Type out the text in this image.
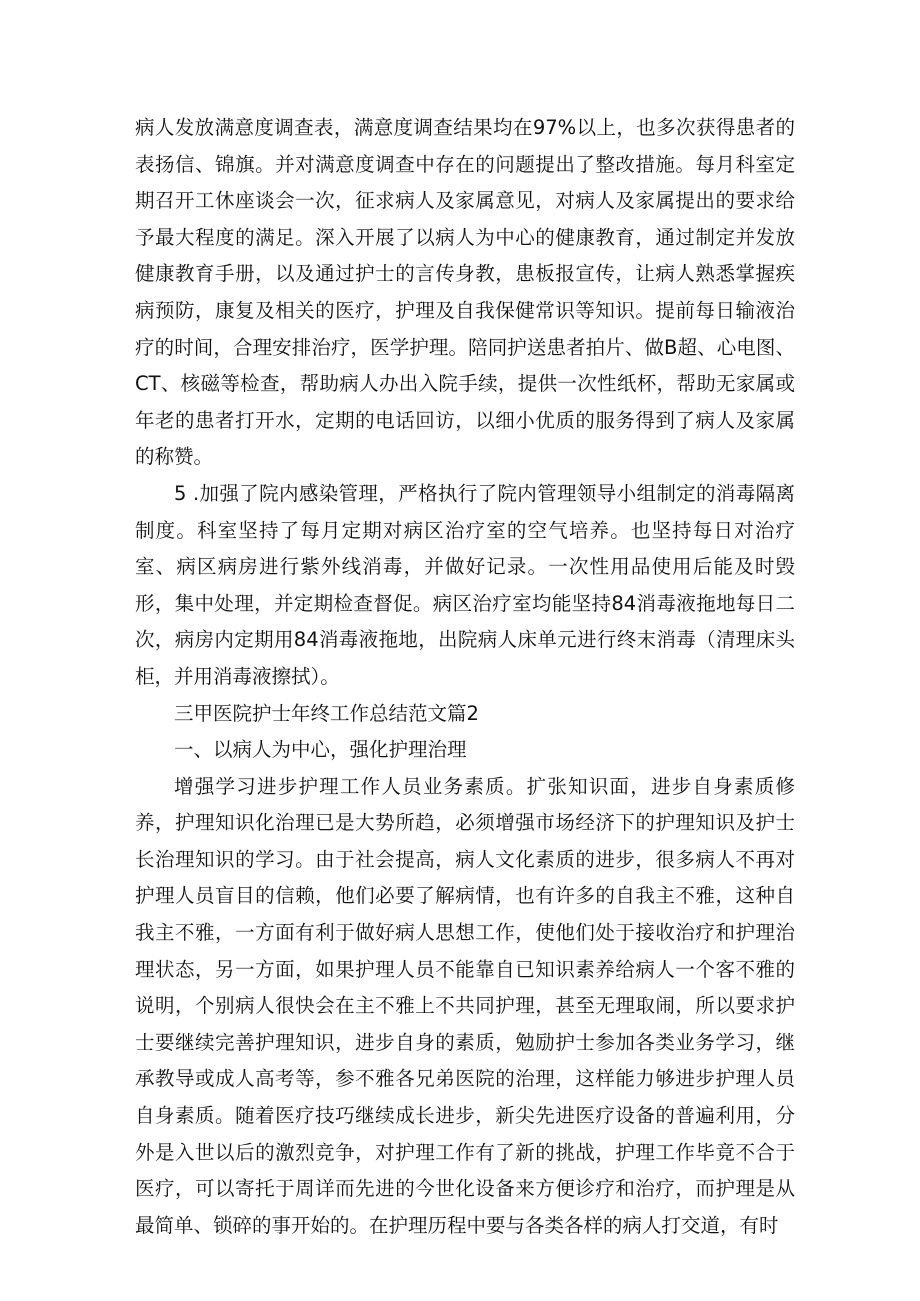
病人发放满意度调查表，满意度调查结果均在97%以上，也多次获得患者的表扬信、锦旗。并对满意度调查中存在的问题提出了整改措施。每月科室定期召开工休座谈会一次，征求病人及家属意见，对病人及家属提出的要求给予最大程度的满足。深入开展了以病人为中心的健康教育，通过制定并发放健康教育手册，以及通过护士的言传身教，患板报宣传，让病人熟悉掌握疾病预防，康复及相关的医疗，护理及自我保健常识等知识。提前每日输液治疗的时间，合理安排治疗，医学护理。陪同护送患者拍片、做B超、心电图、CT、核磁等检查，帮助病人办出入院手续，提供一次性纸杯，帮助无家属或年老的患者打开水，定期的电话回访，以细小优质的服务得到了病人及家属的称赞。

5 .加强了院内感染管理，严格执行了院内管理领导小组制定的消毒隔离制度。科室坚持了每月定期对病区治疗室的空气培养。也坚持每日对治疗室、病区病房进行紫外线消毒，并做好记录。一次性用品使用后能及时毁形，集中处理，并定期检查督促。病区治疗室均能坚持84消毒液拖地每日二次，病房内定期用84消毒液拖地，出院病人床单元进行终末消毒（清理床头柜，并用消毒液擦拭）。

三甲医院护士年终工作总结范文篇2

一、以病人为中心，强化护理治理

增强学习进步护理工作人员业务素质。扩张知识面，进步自身素质修养，护理知识化治理已是大势所趋，必须增强市场经济下的护理知识及护士长治理知识的学习。由于社会提高，病人文化素质的进步，很多病人不再对护理人员盲目的信赖，他们必要了解病情，也有许多的自我主不雅，这种自我主不雅，一方面有利于做好病人思想工作，使他们处于接收治疗和护理治理状态，另一方面，如果护理人员不能靠自已知识素养给病人一个客不雅的说明，个别病人很快会在主不雅上不共同护理，甚至无理取闹，所以要求护士要继续完善护理知识，进步自身的素质，勉励护士参加各类业务学习，继承教导或成人高考等，参不雅各兄弟医院的治理，这样能力够进步护理人员自身素质。随着医疗技巧继续成长进步，新尖先进医疗设备的普遍利用，分外是入世以后的激烈竞争，对护理工作有了新的挑战，护理工作毕竟不合于医疗，可以寄托于周详而先进的今世化设备来方便诊疗和治疗，而护理是从最简单、锁碎的事开始的。在护理历程中要与各类各样的病人打交道，有时
